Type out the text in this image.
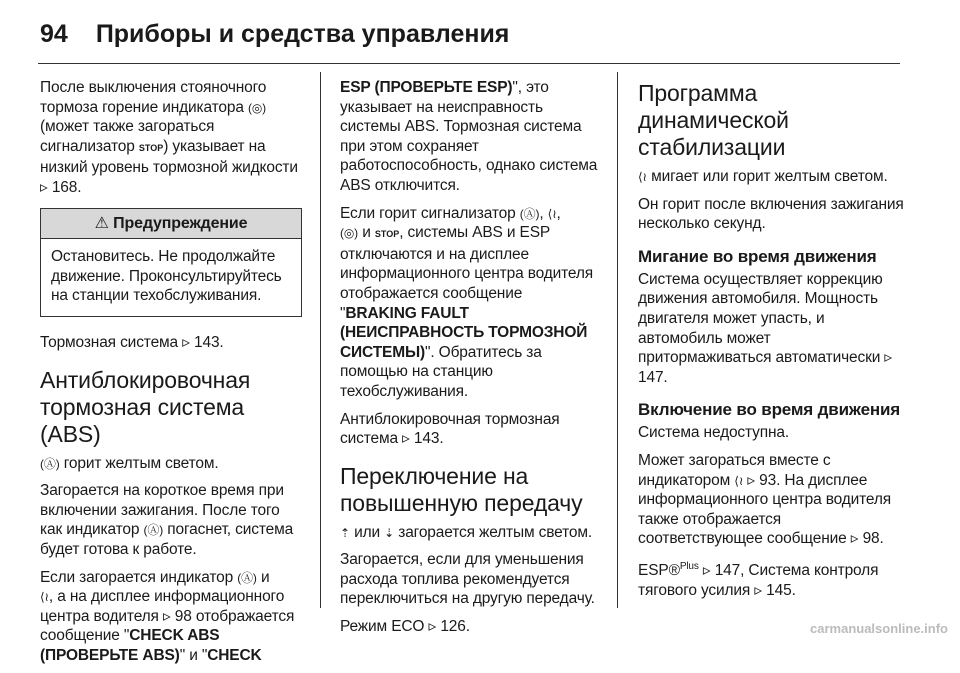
94 Приборы и средства управления

После выключения стояночного тормоза горение индикатора (◎) (может также загораться сигнализатор STOP) указывает на низкий уровень тормозной жидкости ▹ 168.

⚠ Предупреждение
Остановитесь. Не продолжайте движение. Проконсультируйтесь на станции техобслуживания.

Тормозная система ▹ 143.

Антиблокировочная тормозная система (ABS)

(Ⓐ) горит желтым светом.

Загорается на короткое время при включении зажигания. После того как индикатор (Ⓐ) погаснет, система будет готова к работе.

Если загорается индикатор (Ⓐ) и
⟨≀, а на дисплее информационного центра водителя ▹ 98 отображается сообщение "CHECK ABS (ПРОВЕРЬТЕ ABS)" и "CHECK

ESP (ПРОВЕРЬТЕ ESP)", это указывает на неисправность системы ABS. Тормозная система при этом сохраняет работоспособность, однако система ABS отключится.

Если горит сигнализатор (Ⓐ), ⟨≀,
(◎) и STOP, системы ABS и ESP отключаются и на дисплее информационного центра водителя отображается сообщение "BRAKING FAULT (НЕИСПРАВНОСТЬ ТОРМОЗНОЙ СИСТЕМЫ)". Обратитесь за помощью на станцию техобслуживания.

Антиблокировочная тормозная система ▹ 143.

Переключение на повышенную передачу

⇡ или ⇣ загорается желтым светом.

Загорается, если для уменьшения расхода топлива рекомендуется переключиться на другую передачу.

Режим ECO ▹ 126.

Программа динамической стабилизации

⟨≀ мигает или горит желтым светом.

Он горит после включения зажигания несколько секунд.

Мигание во время движения

Система осуществляет коррекцию движения автомобиля. Мощность двигателя может упасть, и автомобиль может притормаживаться автоматически ▹ 147.

Включение во время движения

Система недоступна.

Может загораться вместе с индикатором ⟨≀ ▹ 93. На дисплее информационного центра водителя также отображается соответствующее сообщение ▹ 98.

ESP®$^{Plus}$ ▹ 147, Система контроля тягового усилия ▹ 145.

carmanualsonline.info
